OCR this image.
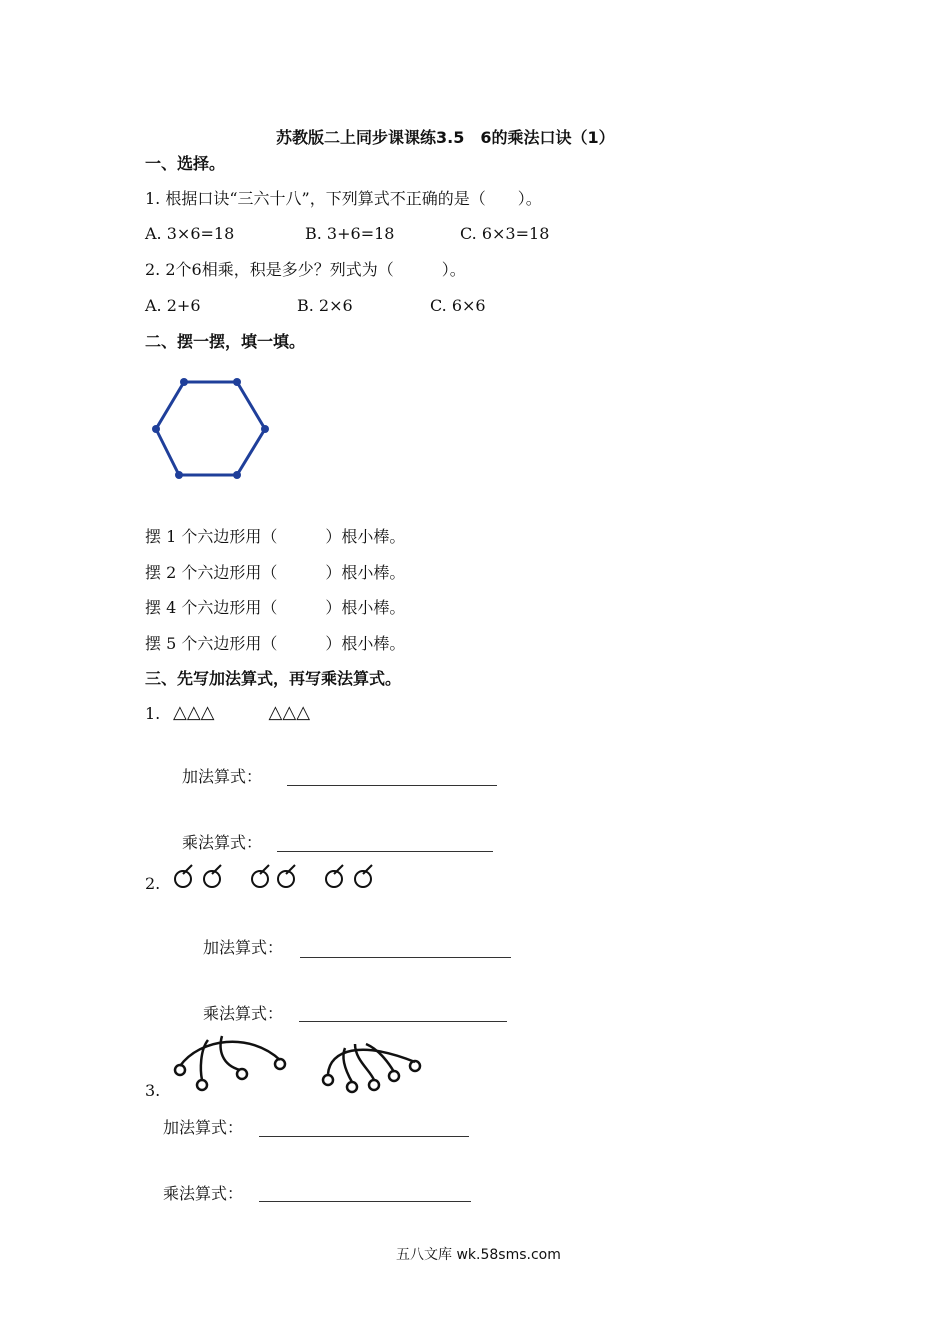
苏教版二上同步课课练3.5　6的乘法口诀（1）
一、选择。
1. 根据口诀“三六十八”，下列算式不正确的是（　　）。
A. 3×6=18	B. 3+6=18	C. 6×3=18
2. 2个6相乘，积是多少？列式为（　　　）。
A. 2+6	B. 2×6	C. 6×6
二、摆一摆，填一填。
摆 1 个六边形用（　　　）根小棒。
摆 2 个六边形用（　　　）根小棒。
摆 4 个六边形用（　　　）根小棒。
摆 5 个六边形用（　　　）根小棒。
三、先写加法算式，再写乘法算式。
1. △△△　　　△△△
加法算式：
乘法算式：
2.
加法算式：
乘法算式：
3.
加法算式：
乘法算式：
五八文库 wk.58sms.com
